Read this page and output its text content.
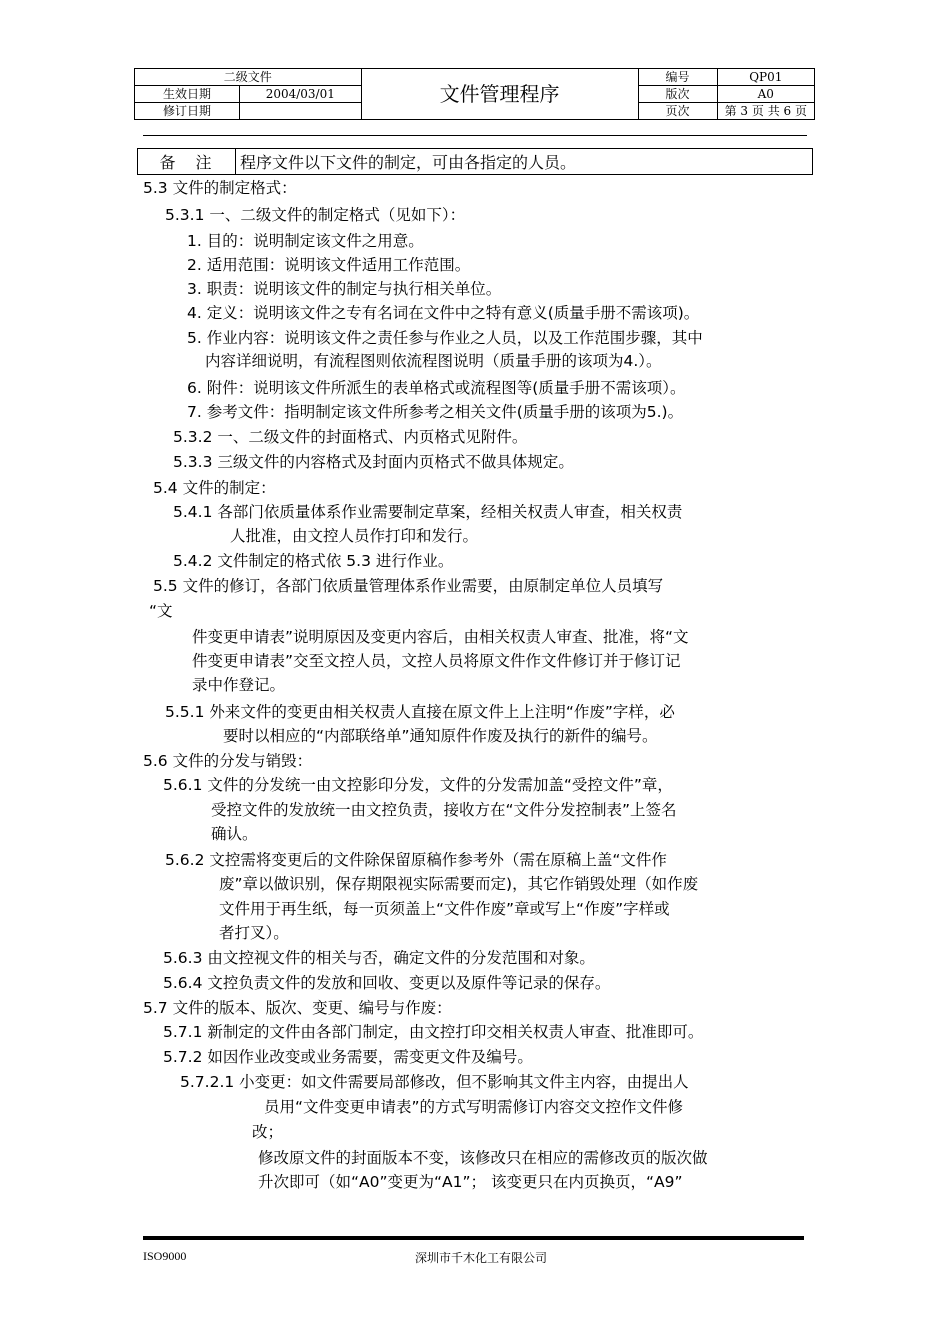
二级文件		文件管理程序	编号	QP01
生效日期	2004/03/01		版次	A0
修订日期			页次	第 3 页 共 6 页
备　注	程序文件以下文件的制定，可由各指定的人员。
5.3 文件的制定格式：
5.3.1 一、二级文件的制定格式（见如下）：
1. 目的：说明制定该文件之用意。
2. 适用范围：说明该文件适用工作范围。
3. 职责：说明该文件的制定与执行相关单位。
4. 定义：说明该文件之专有名词在文件中之特有意义(质量手册不需该项)。
5. 作业内容：说明该文件之责任参与作业之人员，以及工作范围步骤，其中
内容详细说明，有流程图则依流程图说明（质量手册的该项为4.）。
6. 附件：说明该文件所派生的表单格式或流程图等(质量手册不需该项）。
7. 参考文件：指明制定该文件所参考之相关文件(质量手册的该项为5.)。
5.3.2 一、二级文件的封面格式、内页格式见附件。
5.3.3 三级文件的内容格式及封面内页格式不做具体规定。
5.4 文件的制定：
5.4.1 各部门依质量体系作业需要制定草案，经相关权责人审查，相关权责
人批准，由文控人员作打印和发行。
5.4.2 文件制定的格式依 5.3 进行作业。
5.5 文件的修订，各部门依质量管理体系作业需要，由原制定单位人员填写
“文
件变更申请表”说明原因及变更内容后，由相关权责人审查、批准，将“文
件变更申请表”交至文控人员，文控人员将原文件作文件修订并于修订记
录中作登记。
5.5.1 外来文件的变更由相关权责人直接在原文件上上注明“作废”字样，必
要时以相应的“内部联络单”通知原件作废及执行的新件的编号。
5.6 文件的分发与销毁：
5.6.1 文件的分发统一由文控影印分发，文件的分发需加盖“受控文件”章，
受控文件的发放统一由文控负责，接收方在“文件分发控制表”上签名
确认。
5.6.2 文控需将变更后的文件除保留原稿作参考外（需在原稿上盖“文件作
废”章以做识别，保存期限视实际需要而定)，其它作销毁处理（如作废
文件用于再生纸，每一页须盖上“文件作废”章或写上“作废”字样或
者打叉）。
5.6.3 由文控视文件的相关与否，确定文件的分发范围和对象。
5.6.4 文控负责文件的发放和回收、变更以及原件等记录的保存。
5.7 文件的版本、版次、变更、编号与作废：
5.7.1 新制定的文件由各部门制定，由文控打印交相关权责人审查、批准即可。
5.7.2 如因作业改变或业务需要，需变更文件及编号。
5.7.2.1 小变更：如文件需要局部修改，但不影响其文件主内容，由提出人
员用“文件变更申请表”的方式写明需修订内容交文控作文件修
改；
修改原文件的封面版本不变，该修改只在相应的需修改页的版次做
升次即可（如“A0”变更为“A1”； 该变更只在内页换页，“A9”
ISO9000	深圳市千木化工有限公司
